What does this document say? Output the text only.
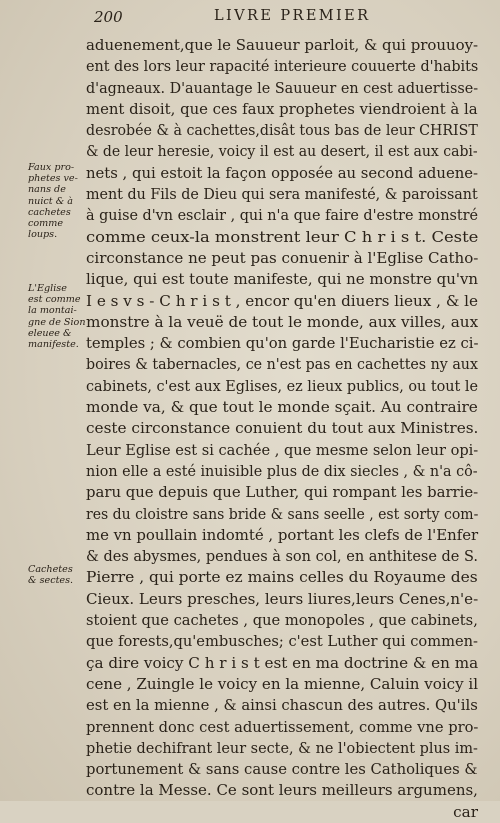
200	LIVRE PREMIER
Faux pro-
phetes ve-
nans de
nuict & à
cachetes
comme
loups.
L'Eglise
est comme
la montai-
gne de Sion
eleuee &
manifeste.
Cachetes
& sectes.
aduenement,que le Sauueur parloit, & qui prouuoy-
ent des lors leur rapacité interieure couuerte d'habits
d'agneaux. D'auantage le Sauueur en cest aduertisse-
ment disoit, que ces faux prophetes viendroient à la
desrobée & à cachettes,disât tous bas de leur CHRIST
& de leur heresie, voicy il est au desert, il est aux cabi-
nets , qui estoit la façon opposée au second aduene-
ment du Fils de Dieu qui sera manifesté, & paroissant
à guise d'vn esclair , qui n'a que faire d'estre monstré
comme ceux-la monstrent leur C h r i s t. Ceste
circonstance ne peut pas conuenir à l'Eglise Catho-
lique, qui est toute manifeste, qui ne monstre qu'vn
I e s v s - C h r i s t , encor qu'en diuers lieux , & le
monstre à la veuë de tout le monde, aux villes, aux
temples ; & combien qu'on garde l'Eucharistie ez ci-
boires & tabernacles, ce n'est pas en cachettes ny aux
cabinets, c'est aux Eglises, ez lieux publics, ou tout le
monde va, & que tout le monde sçait. Au contraire
ceste circonstance conuient du tout aux Ministres.
Leur Eglise est si cachée , que mesme selon leur opi-
nion elle a esté inuisible plus de dix siecles , & n'a cô-
paru que depuis que Luther, qui rompant les barrie-
res du cloistre sans bride & sans seelle , est sorty com-
me vn poullain indomté , portant les clefs de l'Enfer
& des abysmes, pendues à son col, en anthitese de S.
Pierre , qui porte ez mains celles du Royaume des
Cieux. Leurs presches, leurs liures,leurs Cenes,n'e-
stoient que cachetes , que monopoles , que cabinets,
que forests,qu'embusches; c'est Luther qui commen-
ça dire voicy C h r i s t est en ma doctrine & en ma
cene , Zuingle le voicy en la mienne, Caluin voicy il
est en la mienne , & ainsi chascun des autres. Qu'ils
prennent donc cest aduertissement, comme vne pro-
phetie dechifrant leur secte, & ne l'obiectent plus im-
portunement & sans cause contre les Catholiques &
contre la Messe. Ce sont leurs meilleurs argumens,
car
